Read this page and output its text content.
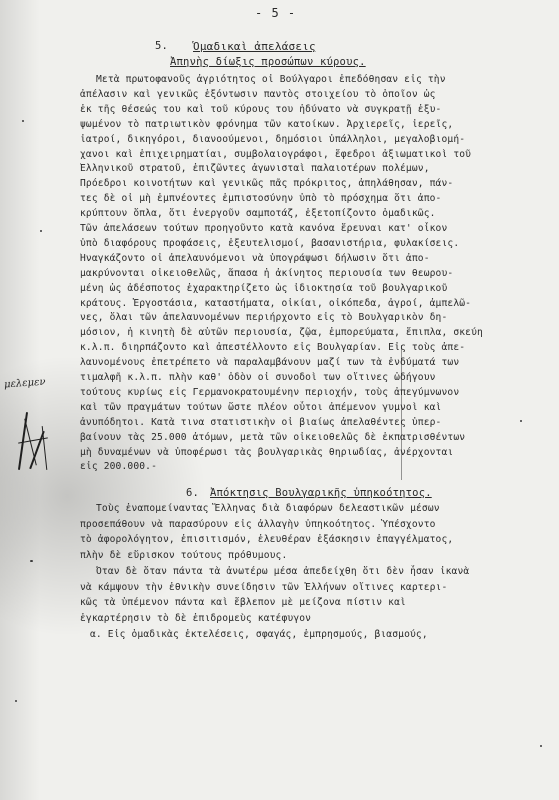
- 5 -
5. Ὁμαδικαὶ ἀπελάσεις
Ἀπηνὴς δίωξις προσώπων κύρους.
Μετὰ πρωτοφανοῦς ἀγριότητος οἱ Βούλγαροι ἐπεδόθησαν εἰς τὴν
ἀπέλασιν καὶ γενικῶς ἐξόντωσιν παντὸς στοιχείου τὸ ὁποῖον ὡς
ἐκ τῆς θέσεώς του καὶ τοῦ κύρους του ἠδύνατο νὰ συγκρατῇ ἐξυ-
ψωμένον τὸ πατριωτικὸν φρόνημα τῶν κατοίκων. Ἀρχιερεῖς, ἱερεῖς,
ἰατροί, δικηγόροι, διανοούμενοι, δημόσιοι ὑπάλληλοι, μεγαλοβιομή-
χανοι καὶ ἐπιχειρηματίαι, συμβολαιογράφοι, ἔφεδροι ἀξιωματικοὶ τοῦ
Ἑλληνικοῦ στρατοῦ, ἐπιζῶντες ἀγωνισταὶ παλαιοτέρων πολέμων,
Πρόεδροι κοινοτήτων καὶ γενικῶς πᾶς πρόκριτος, ἀπηλάθησαν, πάν-
τες δὲ οἱ μὴ ἐμπνέοντες ἐμπιστοσύνην ὑπὸ τὸ πρόσχημα ὅτι ἀπο-
κρύπτουν ὅπλα, ὅτι ἐνεργοῦν σαμποτάζ, ἐξετοπίζοντο ὁμαδικῶς.
Τῶν ἀπελάσεων τούτων προηγοῦντο κατὰ κανόνα ἔρευναι κατ' οἶκον
ὑπὸ διαφόρους προφάσεις, ἐξευτελισμοί, βασανιστήρια, φυλακίσεις.
Ἠναγκάζοντο οἱ ἀπελαυνόμενοι νὰ ὑπογράψωσι δήλωσιν ὅτι ἀπο-
μακρύνονται οἰκειοθελῶς, ἅπασα ἡ ἀκίνητος περιουσία των θεωρου-
μένη ὡς ἀδέσποτος ἐχαρακτηρίζετο ὡς ἰδιοκτησία τοῦ βουλγαρικοῦ
κράτους. Ἐργοστάσια, καταστήματα, οἰκίαι, οἰκόπεδα, ἀγροί, ἀμπελῶ-
νες, ὅλαι τῶν ἀπελαυνομένων περιήρχοντο εἰς τὸ Βουλγαρικὸν δη-
μόσιον, ἡ κινητὴ δὲ αὐτῶν περιουσία, ζῷα, ἐμπορεύματα, ἔπιπλα, σκεύη
κ.λ.π. διηρπάζοντο καὶ ἀπεστέλλοντο εἰς Βουλγαρίαν. Εἰς τοὺς ἀπε-
λαυνομένους ἐπετρέπετο νὰ παραλαμβάνουν μαζί των τὰ ἐνδύματά των
τιμαλφῆ κ.λ.π. πλὴν καθ' ὁδὸν οἱ συνοδοὶ των οἵτινες ὡδήγουν
τούτους κυρίως εἰς Γερμανοκρατουμένην περιοχήν, τοὺς ἀπεγύμνωνον
καὶ τῶν πραγμάτων τούτων ὥστε πλέον οὗτοι ἀπέμενον γυμνοὶ καὶ
ἀνυπόδητοι. Κατὰ τινα στατιστικὴν οἱ βιαίως ἀπελαθέντες ὑπερ-
βαίνουν τὰς 25.000 ἀτόμων, μετὰ τῶν οἰκειοθελῶς δὲ ἐκπατρισθέντων
μὴ δυναμένων νὰ ὑποφέρωσι τὰς βουλγαρικὰς θηριωδίας, ἀνέρχονται
εἰς 200.000.-
6. Ἀπόκτησις Βουλγαρικῆς ὑπηκοότητος.
Τοὺς ἐναπομείναντας Ἕλληνας διὰ διαφόρων δελεαστικῶν μέσων
προσεπάθουν νὰ παρασύρουν εἰς ἀλλαγὴν ὑπηκοότητος. Ὑπέσχοντο
τὸ ἀφορολόγητον, ἐπισιτισμόν, ἐλευθέραν ἐξάσκησιν ἐπαγγέλματος,
πλὴν δὲ εὕρισκον τούτους πρόθυμους.
Ὅταν δὲ ὅταν πάντα τὰ ἀνωτέρω μέσα ἀπεδείχθη ὅτι δὲν ἦσαν ἱκανὰ
νὰ κάμψουν τὴν ἐθνικὴν συνείδησιν τῶν Ἑλλήνων οἵτινες καρτερι-
κῶς τὰ ὑπέμενον πάντα καὶ ἔβλεπον μὲ μείζονα πίστιν καὶ
ἐγκαρτέρησιν τὸ δὲ ἐπιδρομεὺς κατέφυγον
α. Εἰς ὁμαδικὰς ἐκτελέσεις, σφαγάς, ἐμπρησμούς, βιασμούς,
μελεμεν
